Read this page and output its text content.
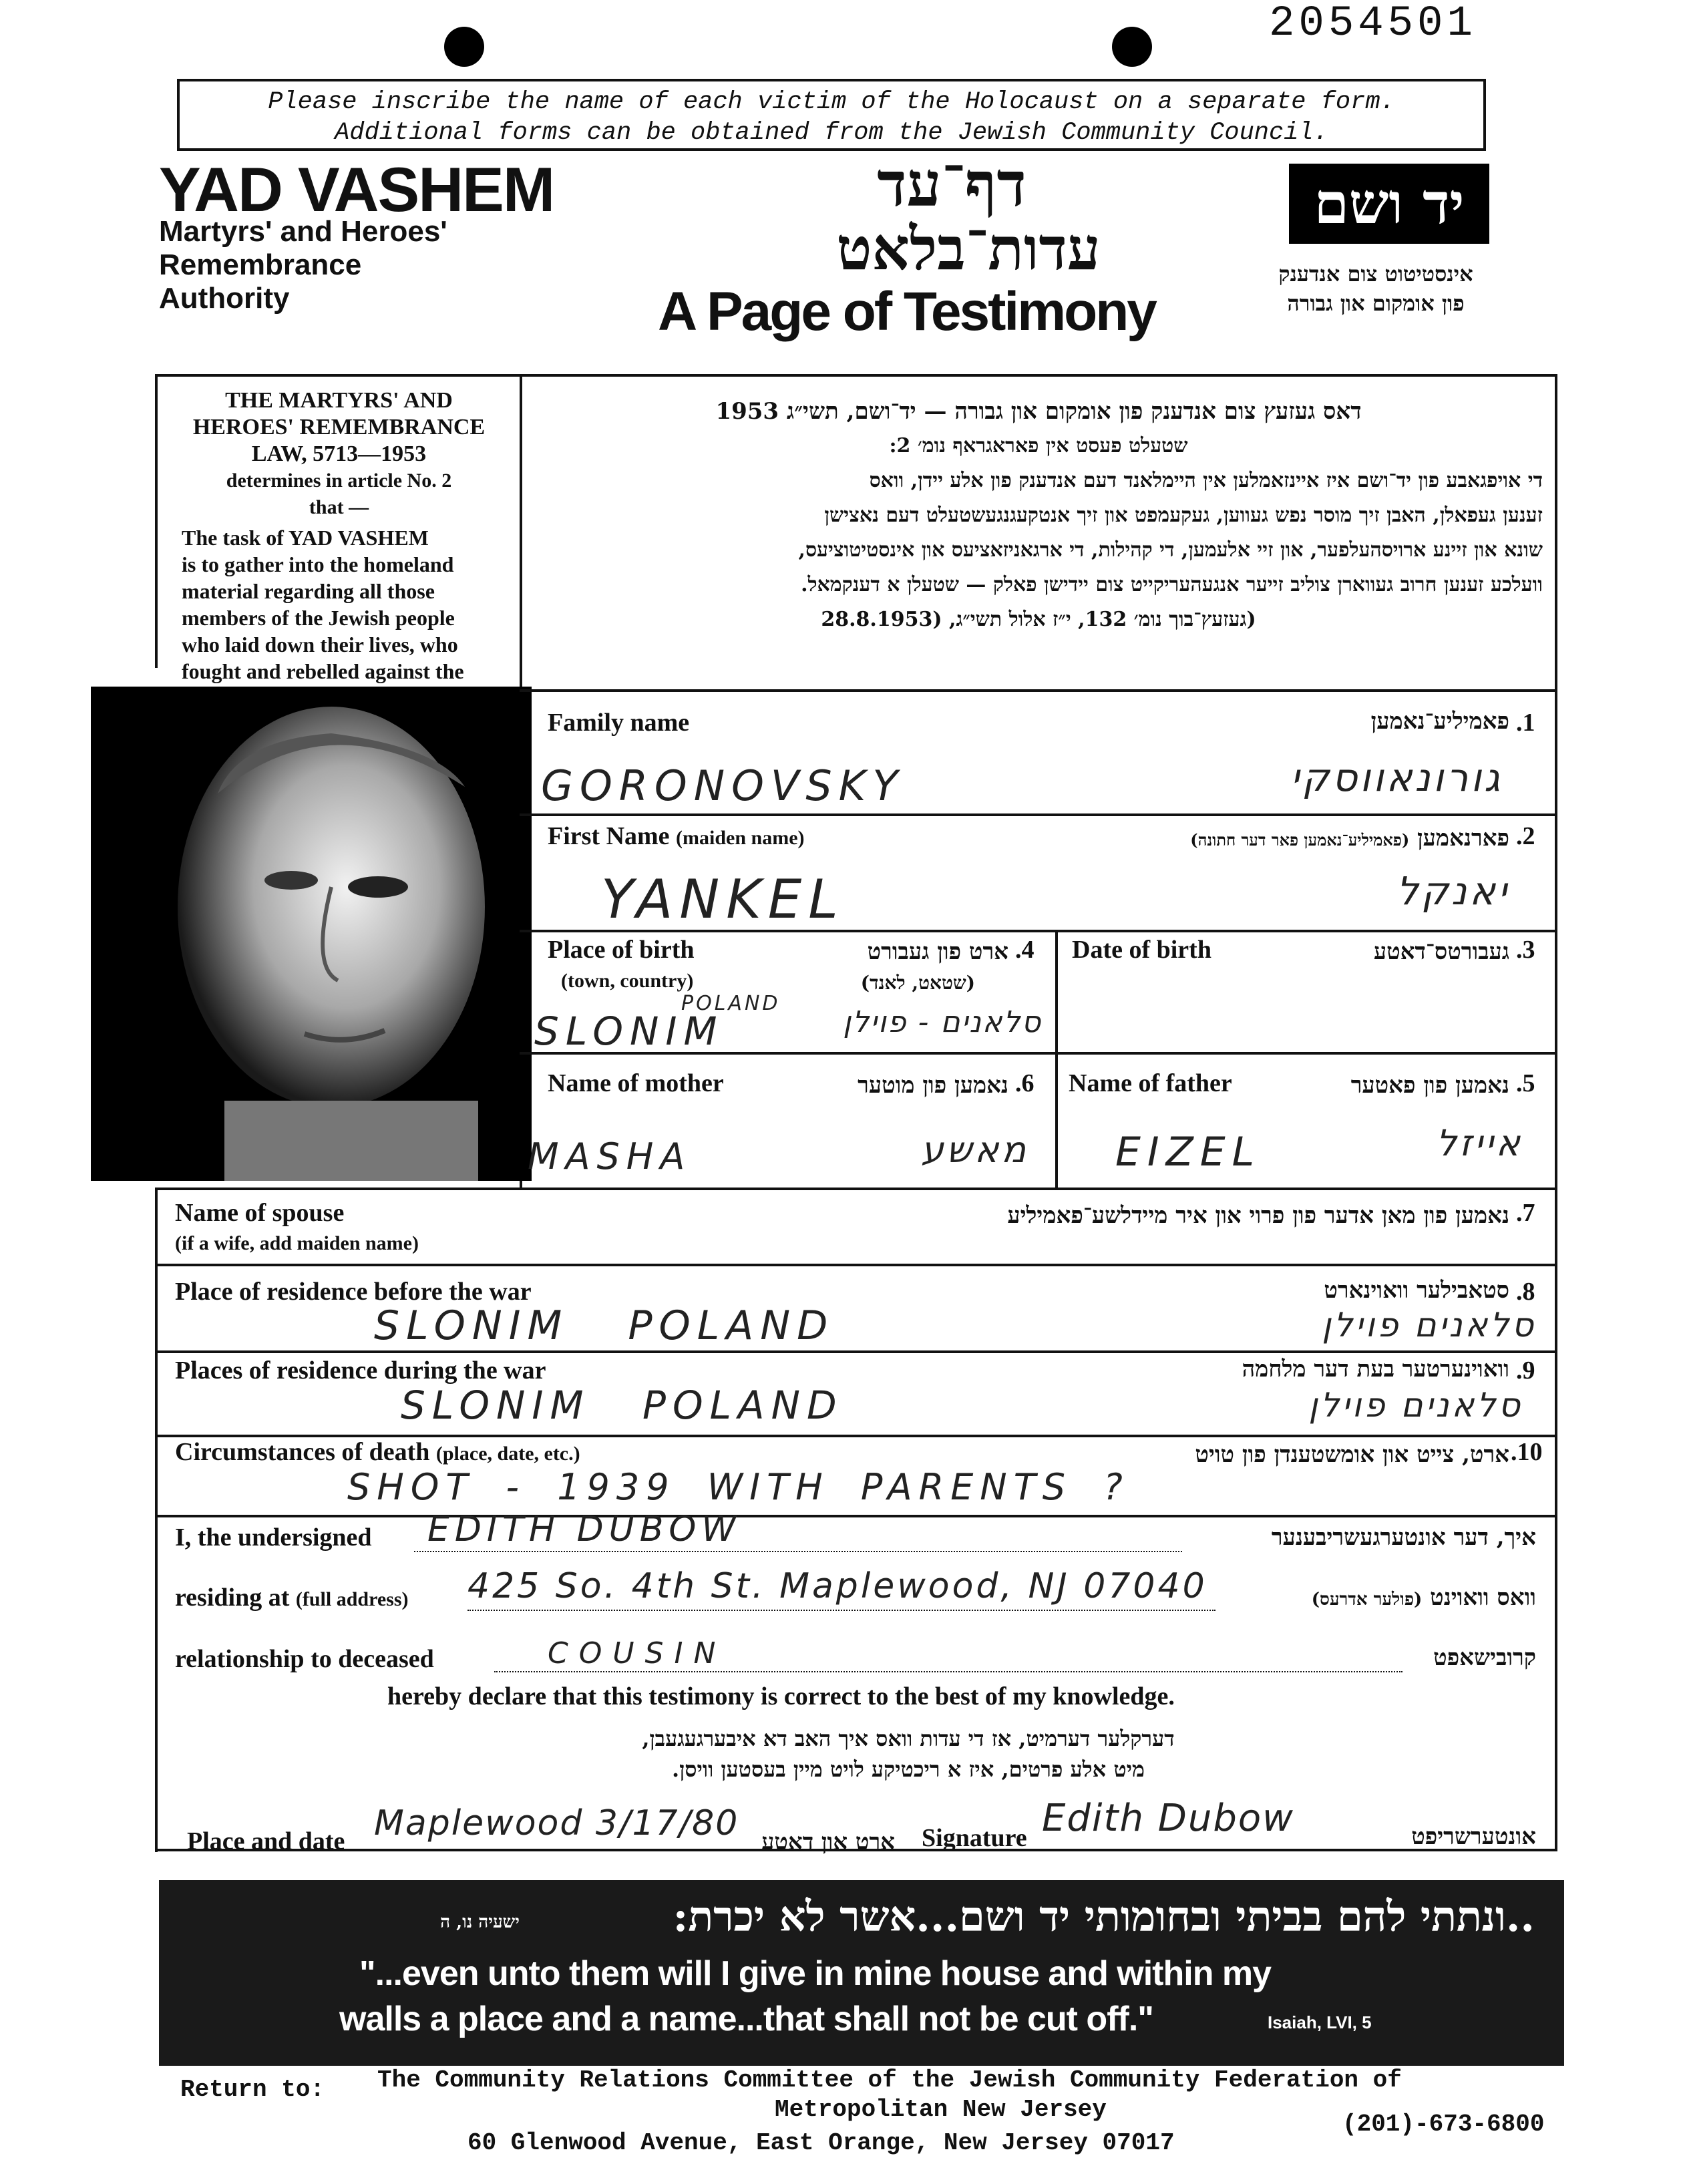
2054501
Please inscribe the name of each victim of the Holocaust on a separate form.
Additional forms can be obtained from the Jewish Community Council.
YAD VASHEM
Martyrs' and Heroes'
Remembrance
Authority
דף־עד
עדות־בלאט
A Page of Testimony
יד ושם
אינסטיטוט צום אנדענק
פון אומקום און גבורה
THE MARTYRS' AND
HEROES' REMEMBRANCE
LAW, 5713—1953
determines in article No. 2
that —
The task of YAD VASHEM
is to gather into the homeland
material regarding all those
members of the Jewish people
who laid down their lives, who
fought and rebelled against the
דאס געזעץ צום אנדענק פון אומקום און גבורה — יד־ושם, תשי״ג 1953
שטעלט פעסט אין פאראגראף נומ׳ 2:
די אויפגאבע פון יד־ושם איז איינזאמלען אין היימלאנד דעם אנדענק פון אלע יידן, וואס
זענען געפאלן, האבן זיך מוסר נפש געווען, געקעמפט און זיך אנטקעגנגעשטעלט דעם נאצישן
שונא און זיינע ארויסהעלפער, און זיי אלעמען, די קהילות, די ארגאניזאציעס און אינסטיטוציעס,
וועלכע זענען חרוב געווארן צוליב זייער אנגעהעריקייט צום יידישן פאלק — שטעלן א דענקמאל.
(געזעץ־בוך נומ׳ 132, י״ז אלול תשי״ג, (28.8.1953
Family name	פאמיליע־נאמען .1
GORONOVSKY	גורונאווסקי
First Name (maiden name)	פארנאמען (פאמיליע־נאמען פאר דער חתונה)	.2
YANKEL	יאנקל
Place of birth
(town, country)
ארט פון געבורט
(שטאט, לאנד)
.4
POLAND
SLONIM	סלאנים - פוילן
Date of birth	געבורטס־דאטע .3
Name of mother	נאמען פון מוטער .6
MASHA	מאשע
Name of father	נאמען פון פאטער .5
EIZEL	אייזל
Name of spouse
(if a wife, add maiden name)
נאמען פון מאן אדער פון פרוי און איר מיידלשע־פאמיליע .7
Place of residence before the war	סטאבילער וואוינארט .8
SLONIM POLAND	סלאנים פוילן
Places of residence during the war	וואוינערטער בעת דער מלחמה .9
SLONIM POLAND	סלאנים פוילן
Circumstances of death (place, date, etc.)	ארט, צייט און אומשטענדן פון טויט .10
SHOT - 1939 WITH PARENTS ?
I, the undersigned EDITH DUBOW	איך, דער אונטערגעשריבענער
residing at (full address) 425 So. 4th St. Maplewood, NJ 07040	וואס וואוינט (פולער אדרעס)
relationship to deceased	COUSIN	קרובישאפט
hereby declare that this testimony is correct to the best of my knowledge.
דערקלער דערמיט, אז די עדות וואס איך האב דא איבערגעגעבן,
מיט אלע פרטים, איז א ריכטיקע לויט מיין בעסטען וויסן.
Place and date Maplewood 3/17/80 ארט און דאטע Signature Edith Dubow	אונטערשריפט
..ונתתי להם בביתי ובחומותי יד ושם...אשר לא יכרת:
ישעיה נו, ה
"...even unto them will I give in mine house and within my
walls a place and a name...that shall not be cut off."	Isaiah, LVI, 5
Return to: The Community Relations Committee of the Jewish Community Federation of
Metropolitan New Jersey
60 Glenwood Avenue, East Orange, New Jersey 07017
(201)-673-6800
